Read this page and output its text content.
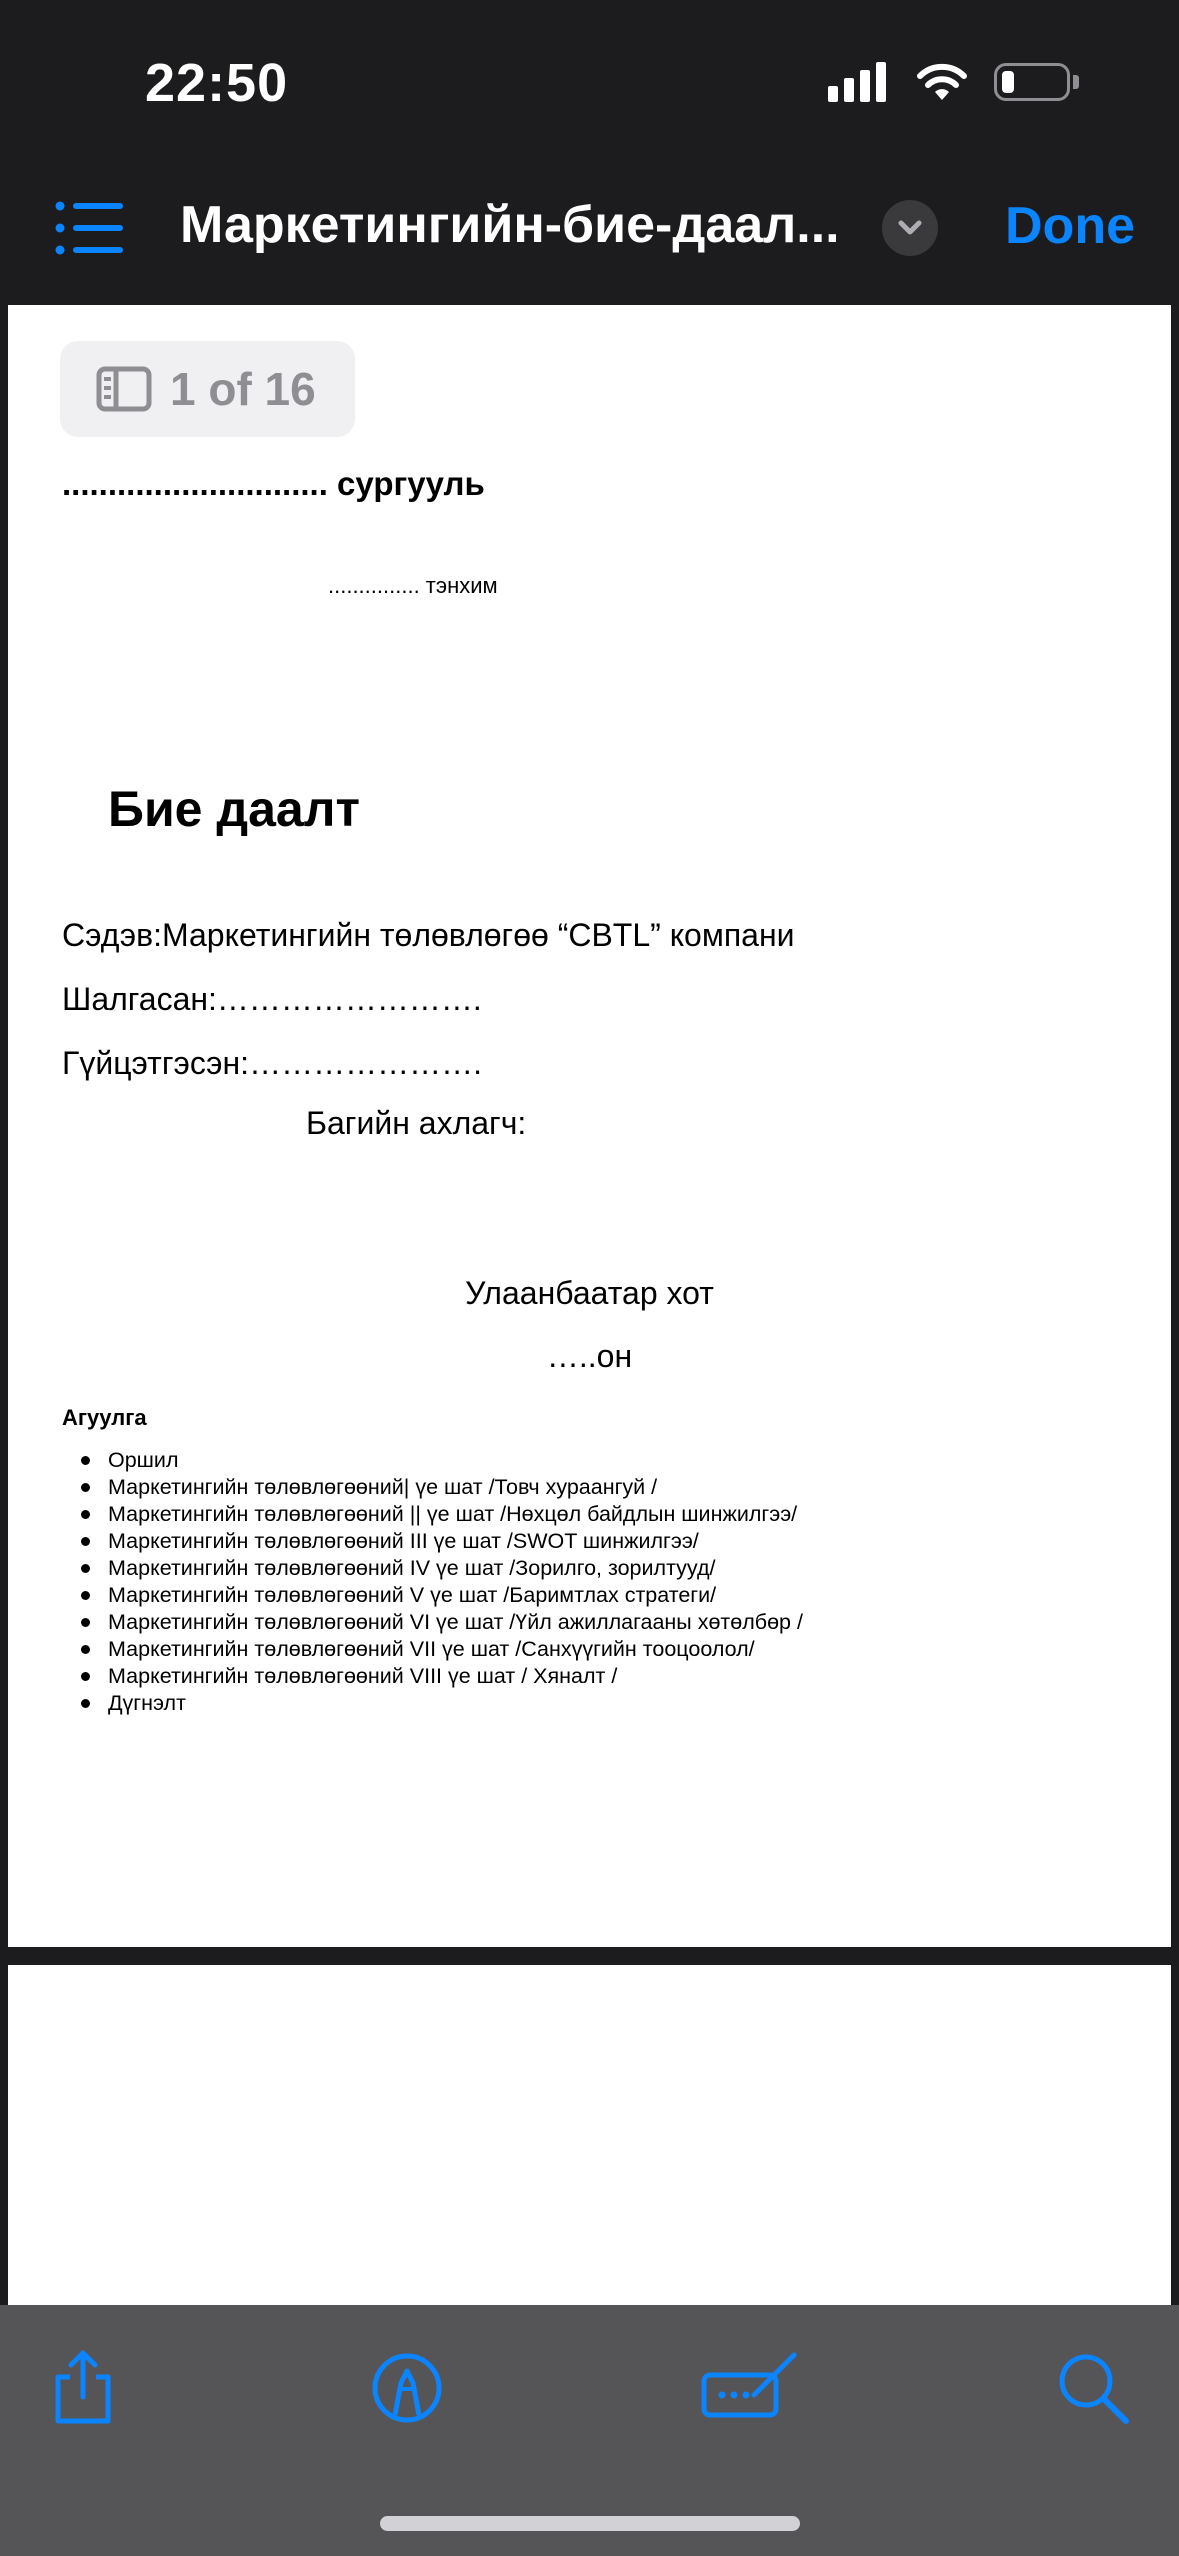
22:50
Маркетингийн-бие-даал...	Done
1 of 16
............................. сургууль
............... тэнхим
Бие даалт
Сэдэв:Маркетингийн төлөвлөгөө “CBTL” компани
Шалгасан:…………………….
Гүйцэтгэсэн:………………….
Багийн ахлагч:
Улаанбаатар хот
…..он
Агуулга
Оршил
Маркетингийн төлөвлөгөөний| үе шат /Товч хураангуй /
Маркетингийн төлөвлөгөөний || үе шат /Нөхцөл байдлын шинжилгээ/
Маркетингийн төлөвлөгөөний III үе шат /SWOT шинжилгээ/
Маркетингийн төлөвлөгөөний IV үе шат /Зорилго, зорилтууд/
Маркетингийн төлөвлөгөөний V үе шат /Баримтлах стратеги/
Маркетингийн төлөвлөгөөний VI үе шат /Үйл ажиллагааны хөтөлбөр /
Маркетингийн төлөвлөгөөний VII үе шат /Санхүүгийн тооцоолол/
Маркетингийн төлөвлөгөөний VIII үе шат / Хяналт /
Дүгнэлт
